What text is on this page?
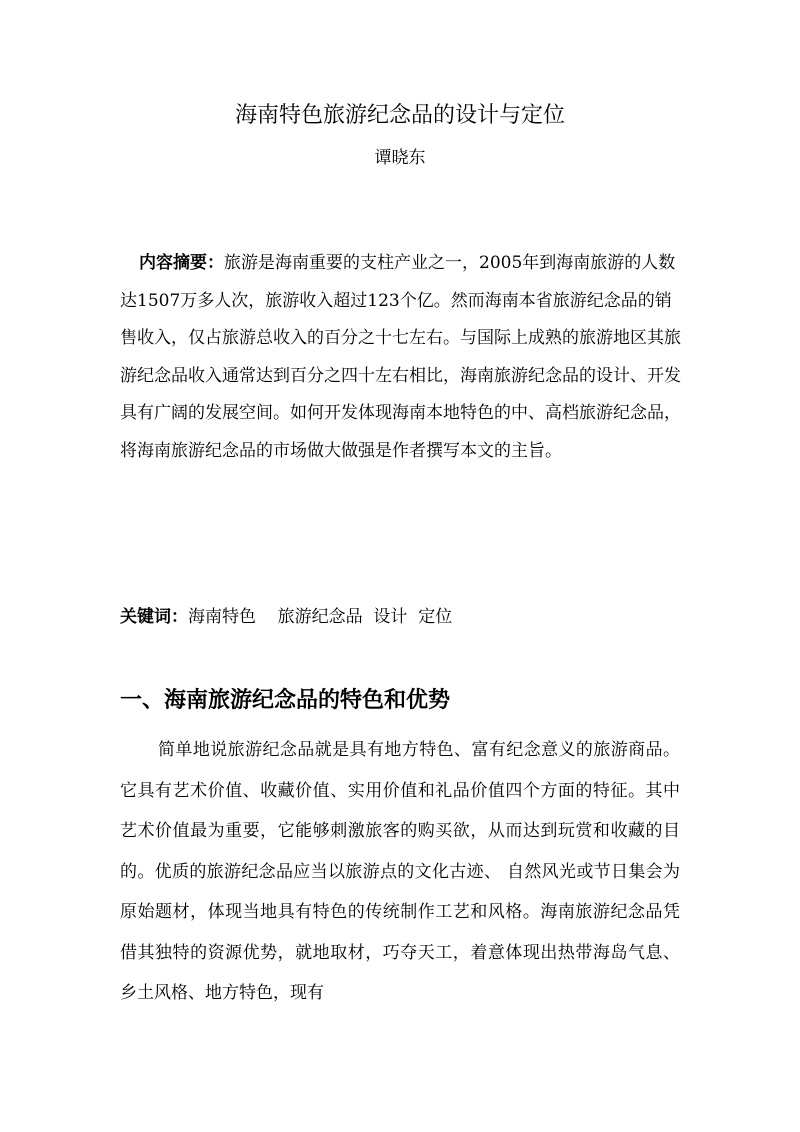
海南特色旅游纪念品的设计与定位
谭晓东

内容摘要：旅游是海南重要的支柱产业之一，2005年到海南旅游的人数达1507万多人次，旅游收入超过123个亿。然而海南本省旅游纪念品的销售收入，仅占旅游总收入的百分之十七左右。与国际上成熟的旅游地区其旅游纪念品收入通常达到百分之四十左右相比，海南旅游纪念品的设计、开发具有广阔的发展空间。如何开发体现海南本地特色的中、高档旅游纪念品，将海南旅游纪念品的市场做大做强是作者撰写本文的主旨。

关键词：海南特色    旅游纪念品  设计  定位

一、海南旅游纪念品的特色和优势

简单地说旅游纪念品就是具有地方特色、富有纪念意义的旅游商品。它具有艺术价值、收藏价值、实用价值和礼品价值四个方面的特征。其中艺术价值最为重要，它能够刺激旅客的购买欲，从而达到玩赏和收藏的目的。优质的旅游纪念品应当以旅游点的文化古迹、 自然风光或节日集会为原始题材，体现当地具有特色的传统制作工艺和风格。海南旅游纪念品凭借其独特的资源优势，就地取材，巧夺天工，着意体现出热带海岛气息、乡土风格、地方特色，现有
